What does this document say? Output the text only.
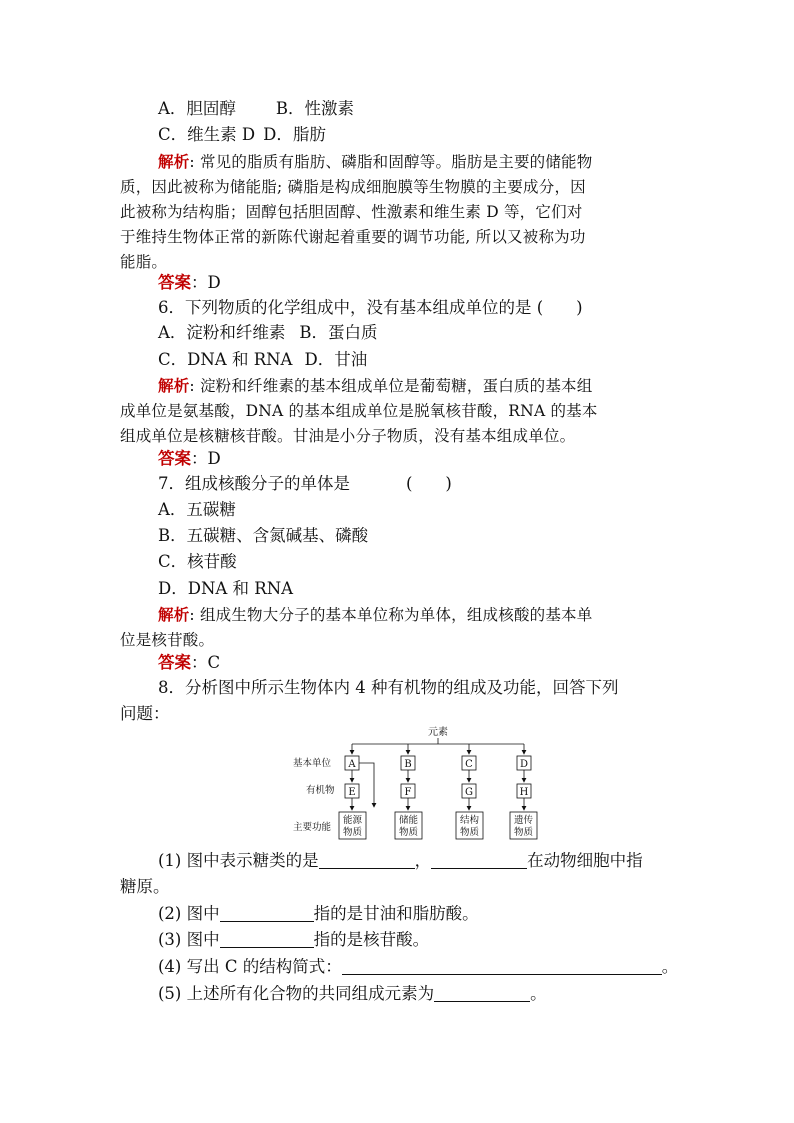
A．胆固醇 B．性激素
C．维生素 D D．脂肪
解析: 常见的脂质有脂肪、磷脂和固醇等。脂肪是主要的储能物
质，因此被称为储能脂; 磷脂是构成细胞膜等生物膜的主要成分，因
此被称为结构脂；固醇包括胆固醇、性激素和维生素 D 等，它们对
于维持生物体正常的新陈代谢起着重要的调节功能, 所以又被称为功
能脂。
答案：D
6．下列物质的化学组成中，没有基本组成单位的是 (　　)
A．淀粉和纤维素 B．蛋白质
C．DNA 和 RNA D．甘油
解析: 淀粉和纤维素的基本组成单位是葡萄糖，蛋白质的基本组
成单位是氨基酸，DNA 的基本组成单位是脱氧核苷酸，RNA 的基本
组成单位是核糖核苷酸。甘油是小分子物质，没有基本组成单位。
答案：D
7．组成核酸分子的单体是	(　　)
A．五碳糖
B．五碳糖、含氮碱基、磷酸
C．核苷酸
D．DNA 和 RNA
解析: 组成生物大分子的基本单位称为单体，组成核酸的基本单
位是核苷酸。
答案：C
8．分析图中所示生物体内 4 种有机物的组成及功能，回答下列
问题：
元素
基本单位
有机物
主要功能
A
E
能源
物质
B
F
储能
物质
C
G
结构
物质
D
H
遗传
物质
(1) 图中表示糖类的是	，	在动物细胞中指
糖原。
(2) 图中	指的是甘油和脂肪酸。
(3) 图中	指的是核苷酸。
(4) 写出 C 的结构简式：	。
(5) 上述所有化合物的共同组成元素为	。
